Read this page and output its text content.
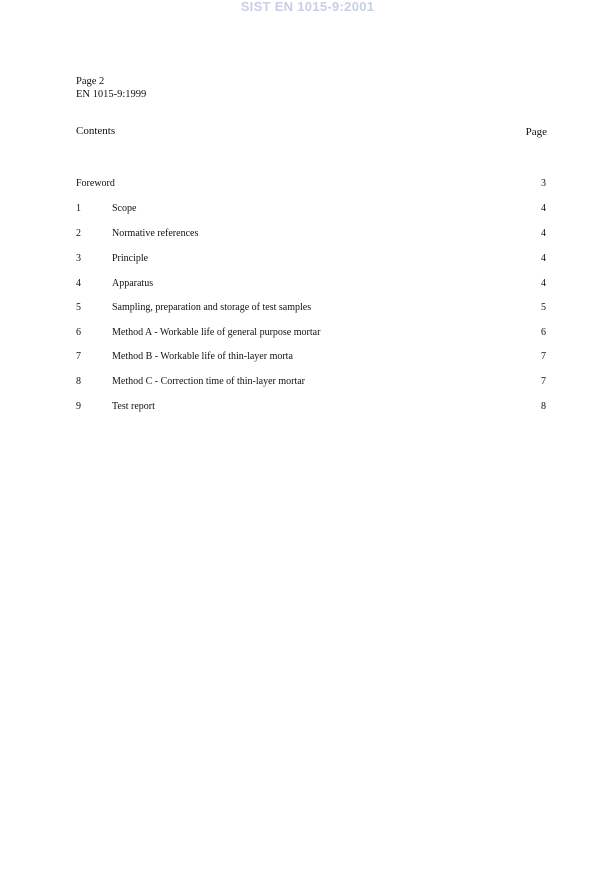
SIST EN 1015-9:2001
Page 2
EN 1015-9:1999
Contents	Page
Foreword	3
1	Scope	4
2	Normative references	4
3	Principle	4
4	Apparatus	4
5	Sampling, preparation and storage of test samples	5
6	Method A - Workable life of general purpose mortar	6
7	Method B - Workable life of thin-layer morta	7
8	Method C - Correction time of thin-layer mortar	7
9	Test report	8
